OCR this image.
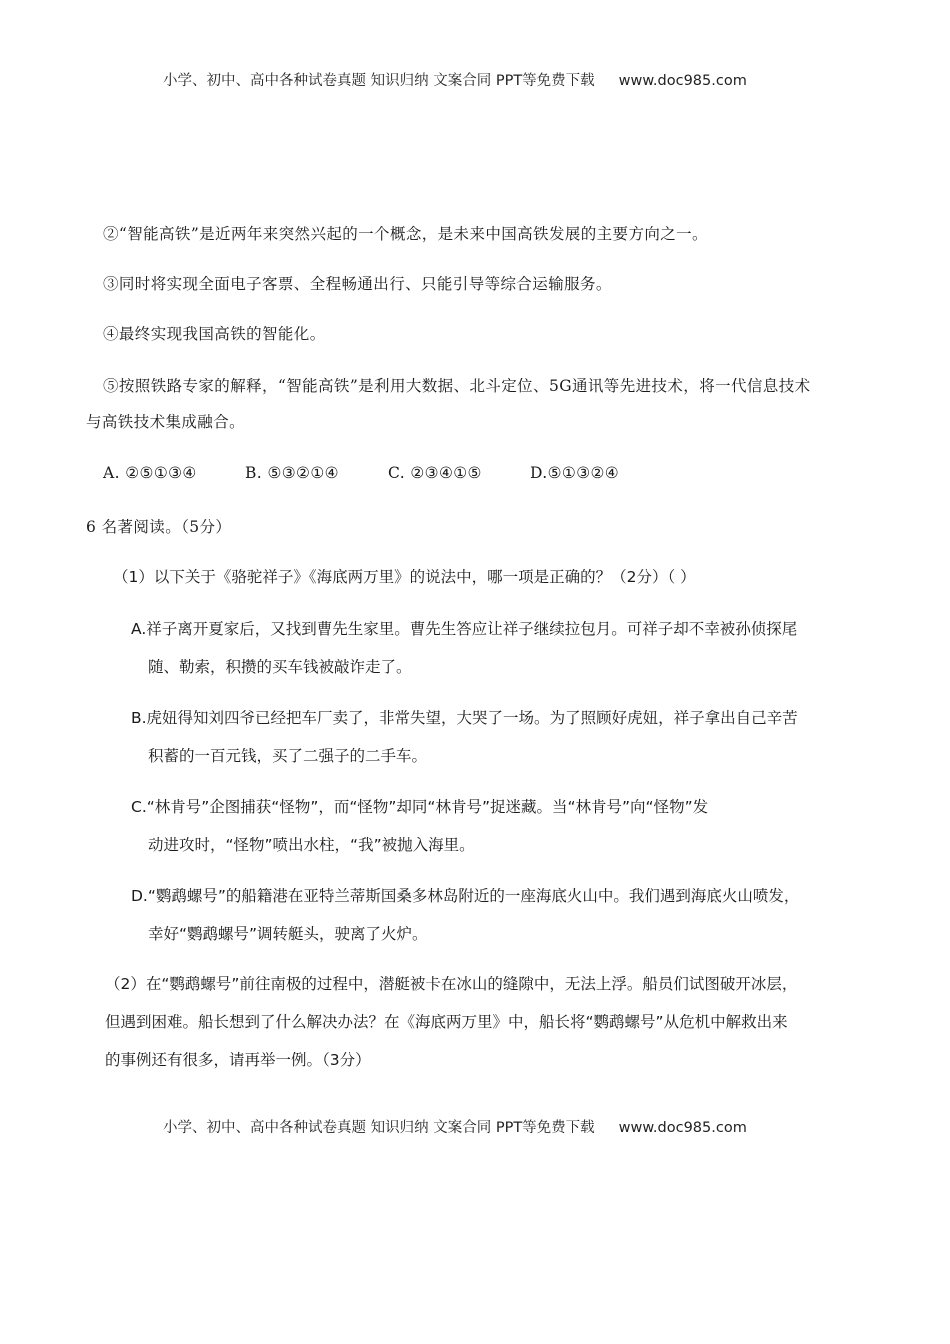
小学、初中、高中各种试卷真题 知识归纳 文案合同 PPT等免费下载 www.doc985.com
②“智能高铁”是近两年来突然兴起的一个概念，是未来中国高铁发展的主要方向之一。
③同时将实现全面电子客票、全程畅通出行、只能引导等综合运输服务。
④最终实现我国高铁的智能化。
⑤按照铁路专家的解释，“智能高铁”是利用大数据、北斗定位、5G通讯等先进技术，将一代信息技术
与高铁技术集成融合。
A. ②⑤①③④	B. ⑤③②①④	C. ②③④①⑤	D.⑤①③②④
6 名著阅读。（5分）
（1）以下关于《骆驼祥子》《海底两万里》的说法中，哪一项是正确的？（2分）（ ）
A.祥子离开夏家后，又找到曹先生家里。曹先生答应让祥子继续拉包月。可祥子却不幸被孙侦探尾
随、勒索，积攒的买车钱被敲诈走了。
B.虎妞得知刘四爷已经把车厂卖了，非常失望，大哭了一场。为了照顾好虎妞，祥子拿出自己辛苦
积蓄的一百元钱，买了二强子的二手车。
C.“林肯号”企图捕获“怪物”，而“怪物”却同“林肯号”捉迷藏。当“林肯号”向“怪物”发
动进攻时，“怪物”喷出水柱，“我”被抛入海里。
D.“鹦鹉螺号”的船籍港在亚特兰蒂斯国桑多林岛附近的一座海底火山中。我们遇到海底火山喷发，
幸好“鹦鹉螺号”调转艇头，驶离了火炉。
（2）在“鹦鹉螺号”前往南极的过程中，潜艇被卡在冰山的缝隙中，无法上浮。船员们试图破开冰层，
但遇到困难。船长想到了什么解决办法？在《海底两万里》中，船长将“鹦鹉螺号”从危机中解救出来
的事例还有很多，请再举一例。（3分）
小学、初中、高中各种试卷真题 知识归纳 文案合同 PPT等免费下载 www.doc985.com
